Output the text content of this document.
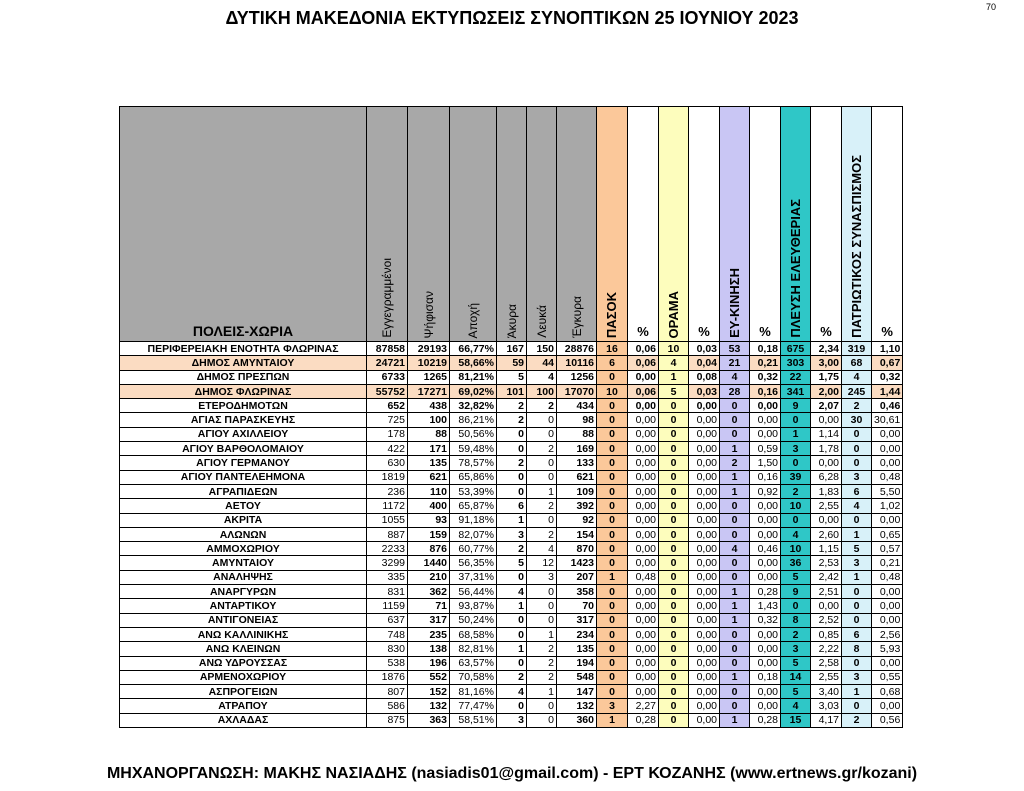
ΔΥΤΙΚΗ ΜΑΚΕΔΟΝΙΑ ΕΚΤΥΠΩΣΕΙΣ ΣΥΝΟΠΤΙΚΩΝ 25 ΙΟΥΝΙΟΥ 2023
70
ΠΟΛΕΙΣ-ΧΩΡΙΑ	Εγγεγραμμένοι	Ψήφισαν	Αποχή	Άκυρα	Λευκά	Έγκυρα	ΠΑΣΟΚ	%	ΟΡΑΜΑ	%	ΕΥ-ΚΙΝΗΣΗ	%	ΠΛΕΥΣΗ ΕΛΕΥΘΕΡΙΑΣ	%	ΠΑΤΡΙΩΤΙΚΟΣ ΣΥΝΑΣΠΙΣΜΟΣ	%
ΠΕΡΙΦΕΡΕΙΑΚΗ ΕΝΟΤΗΤΑ ΦΛΩΡΙΝΑΣ	87858	29193	66,77%	167	150	28876	16	0,06	10	0,03	53	0,18	675	2,34	319	1,10
ΔΗΜΟΣ ΑΜΥΝΤΑΙΟΥ	24721	10219	58,66%	59	44	10116	6	0,06	4	0,04	21	0,21	303	3,00	68	0,67
ΔΗΜΟΣ ΠΡΕΣΠΩΝ	6733	1265	81,21%	5	4	1256	0	0,00	1	0,08	4	0,32	22	1,75	4	0,32
ΔΗΜΟΣ ΦΛΩΡΙΝΑΣ	55752	17271	69,02%	101	100	17070	10	0,06	5	0,03	28	0,16	341	2,00	245	1,44
ΕΤΕΡΟΔΗΜΟΤΩΝ	652	438	32,82%	2	2	434	0	0,00	0	0,00	0	0,00	9	2,07	2	0,46
ΑΓΙΑΣ ΠΑΡΑΣΚΕΥΗΣ	725	100	86,21%	2	0	98	0	0,00	0	0,00	0	0,00	0	0,00	30	30,61
ΑΓΙΟΥ ΑΧΙΛΛΕΙΟΥ	178	88	50,56%	0	0	88	0	0,00	0	0,00	0	0,00	1	1,14	0	0,00
ΑΓΙΟΥ ΒΑΡΘΟΛΟΜΑΙΟΥ	422	171	59,48%	0	2	169	0	0,00	0	0,00	1	0,59	3	1,78	0	0,00
ΑΓΙΟΥ ΓΕΡΜΑΝΟΥ	630	135	78,57%	2	0	133	0	0,00	0	0,00	2	1,50	0	0,00	0	0,00
ΑΓΙΟΥ ΠΑΝΤΕΛΕΗΜΟΝΑ	1819	621	65,86%	0	0	621	0	0,00	0	0,00	1	0,16	39	6,28	3	0,48
ΑΓΡΑΠΙΔΕΩΝ	236	110	53,39%	0	1	109	0	0,00	0	0,00	1	0,92	2	1,83	6	5,50
ΑΕΤΟΥ	1172	400	65,87%	6	2	392	0	0,00	0	0,00	0	0,00	10	2,55	4	1,02
ΑΚΡΙΤΑ	1055	93	91,18%	1	0	92	0	0,00	0	0,00	0	0,00	0	0,00	0	0,00
ΑΛΩΝΩΝ	887	159	82,07%	3	2	154	0	0,00	0	0,00	0	0,00	4	2,60	1	0,65
ΑΜΜΟΧΩΡΙΟΥ	2233	876	60,77%	2	4	870	0	0,00	0	0,00	4	0,46	10	1,15	5	0,57
ΑΜΥΝΤΑΙΟΥ	3299	1440	56,35%	5	12	1423	0	0,00	0	0,00	0	0,00	36	2,53	3	0,21
ΑΝΑΛΗΨΗΣ	335	210	37,31%	0	3	207	1	0,48	0	0,00	0	0,00	5	2,42	1	0,48
ΑΝΑΡΓΥΡΩΝ	831	362	56,44%	4	0	358	0	0,00	0	0,00	1	0,28	9	2,51	0	0,00
ΑΝΤΑΡΤΙΚΟΥ	1159	71	93,87%	1	0	70	0	0,00	0	0,00	1	1,43	0	0,00	0	0,00
ΑΝΤΙΓΟΝΕΙΑΣ	637	317	50,24%	0	0	317	0	0,00	0	0,00	1	0,32	8	2,52	0	0,00
ΑΝΩ ΚΑΛΛΙΝΙΚΗΣ	748	235	68,58%	0	1	234	0	0,00	0	0,00	0	0,00	2	0,85	6	2,56
ΑΝΩ ΚΛΕΙΝΩΝ	830	138	82,81%	1	2	135	0	0,00	0	0,00	0	0,00	3	2,22	8	5,93
ΑΝΩ ΥΔΡΟΥΣΣΑΣ	538	196	63,57%	0	2	194	0	0,00	0	0,00	0	0,00	5	2,58	0	0,00
ΑΡΜΕΝΟΧΩΡΙΟΥ	1876	552	70,58%	2	2	548	0	0,00	0	0,00	1	0,18	14	2,55	3	0,55
ΑΣΠΡΟΓΕΙΩΝ	807	152	81,16%	4	1	147	0	0,00	0	0,00	0	0,00	5	3,40	1	0,68
ΑΤΡΑΠΟΥ	586	132	77,47%	0	0	132	3	2,27	0	0,00	0	0,00	4	3,03	0	0,00
ΑΧΛΑΔΑΣ	875	363	58,51%	3	0	360	1	0,28	0	0,00	1	0,28	15	4,17	2	0,56
ΜΗΧΑΝΟΡΓΑΝΩΣΗ: ΜΑΚΗΣ ΝΑΣΙΑΔΗΣ (nasiadis01@gmail.com) - ΕΡΤ ΚΟΖΑΝΗΣ (www.ertnews.gr/kozani)
